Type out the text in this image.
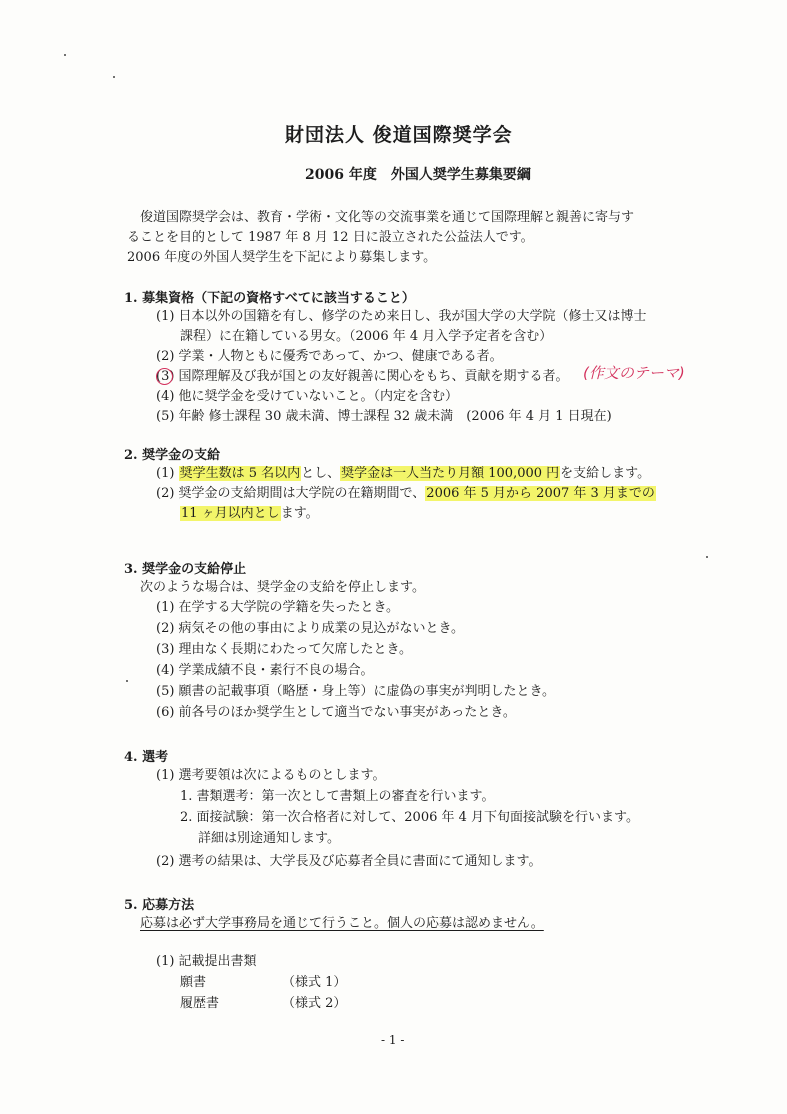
財団法人 俊道国際奨学会
2006 年度　外国人奨学生募集要綱
俊道国際奨学会は、教育・学術・文化等の交流事業を通じて国際理解と親善に寄与す
ることを目的として 1987 年 8 月 12 日に設立された公益法人です。
2006 年度の外国人奨学生を下記により募集します。
1. 募集資格（下記の資格すべてに該当すること）
(1) 日本以外の国籍を有し、修学のため来日し、我が国大学の大学院（修士又は博士
課程）に在籍している男女。（2006 年 4 月入学予定者を含む）
(2) 学業・人物ともに優秀であって、かつ、健康である者。
(3) 国際理解及び我が国との友好親善に関心をもち、貢献を期する者。 (作文のテーマ)
(4) 他に奨学金を受けていないこと。（内定を含む）
(5) 年齢 修士課程 30 歳未満、博士課程 32 歳未満　(2006 年 4 月 1 日現在)
2. 奨学金の支給
(1) 奨学生数は 5 名以内とし、奨学金は一人当たり月額 100,000 円を支給します。
(2) 奨学金の支給期間は大学院の在籍期間で、2006 年 5 月から 2007 年 3 月までの
11 ヶ月以内とします。
3. 奨学金の支給停止
次のような場合は、奨学金の支給を停止します。
(1) 在学する大学院の学籍を失ったとき。
(2) 病気その他の事由により成業の見込がないとき。
(3) 理由なく長期にわたって欠席したとき。
(4) 学業成績不良・素行不良の場合。
(5) 願書の記載事項（略歴・身上等）に虚偽の事実が判明したとき。
(6) 前各号のほか奨学生として適当でない事実があったとき。
4. 選考
(1) 選考要領は次によるものとします。
1. 書類選考：第一次として書類上の審査を行います。
2. 面接試験：第一次合格者に対して、2006 年 4 月下旬面接試験を行います。
詳細は別途通知します。
(2) 選考の結果は、大学長及び応募者全員に書面にて通知します。
5. 応募方法
応募は必ず大学事務局を通じて行うこと。個人の応募は認めません。
(1) 記載提出書類
願書	（様式 1）
履歴書	（様式 2）
- 1 -
